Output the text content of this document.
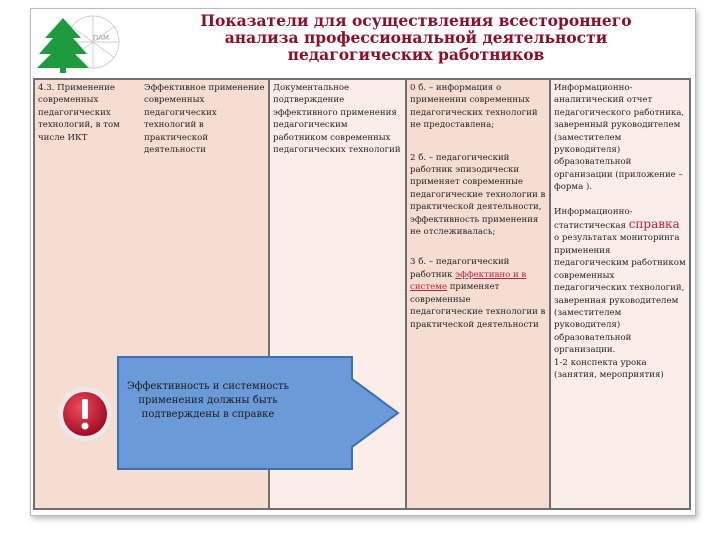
ПАМ
Показатели для осуществления всестороннего
анализа профессиональной деятельности
педагогических работников
4.3. Применение современных педагогических технологий, в том числе ИКТ
Эффективное применение современных педагогических технологий в практической деятельности
Документальное подтверждение эффективного применения педагогическим работником современных педагогических технологий
0 б. – информация о применении современных педагогических технологий не предоставлена;
2 б. – педагогический работник эпизодически применяет современные педагогические технологии в практической деятельности, эффективность применения не отслеживалась;
3 б. – педагогический работник эффективно и в системе применяет современные педагогические технологии в практической деятельности
Информационно-аналитический отчет педагогического работника, заверенный руководителем (заместителем руководителя) образовательной организации (приложение – форма ).
Информационно-статистическая справка о результатах мониторинга применения педагогическим работником современных педагогических технологий, заверенная руководителем (заместителем руководителя) образовательной организации.
1-2 конспекта урока (занятия, мероприятия)
Эффективность и системность применения должны быть подтверждены в справке
